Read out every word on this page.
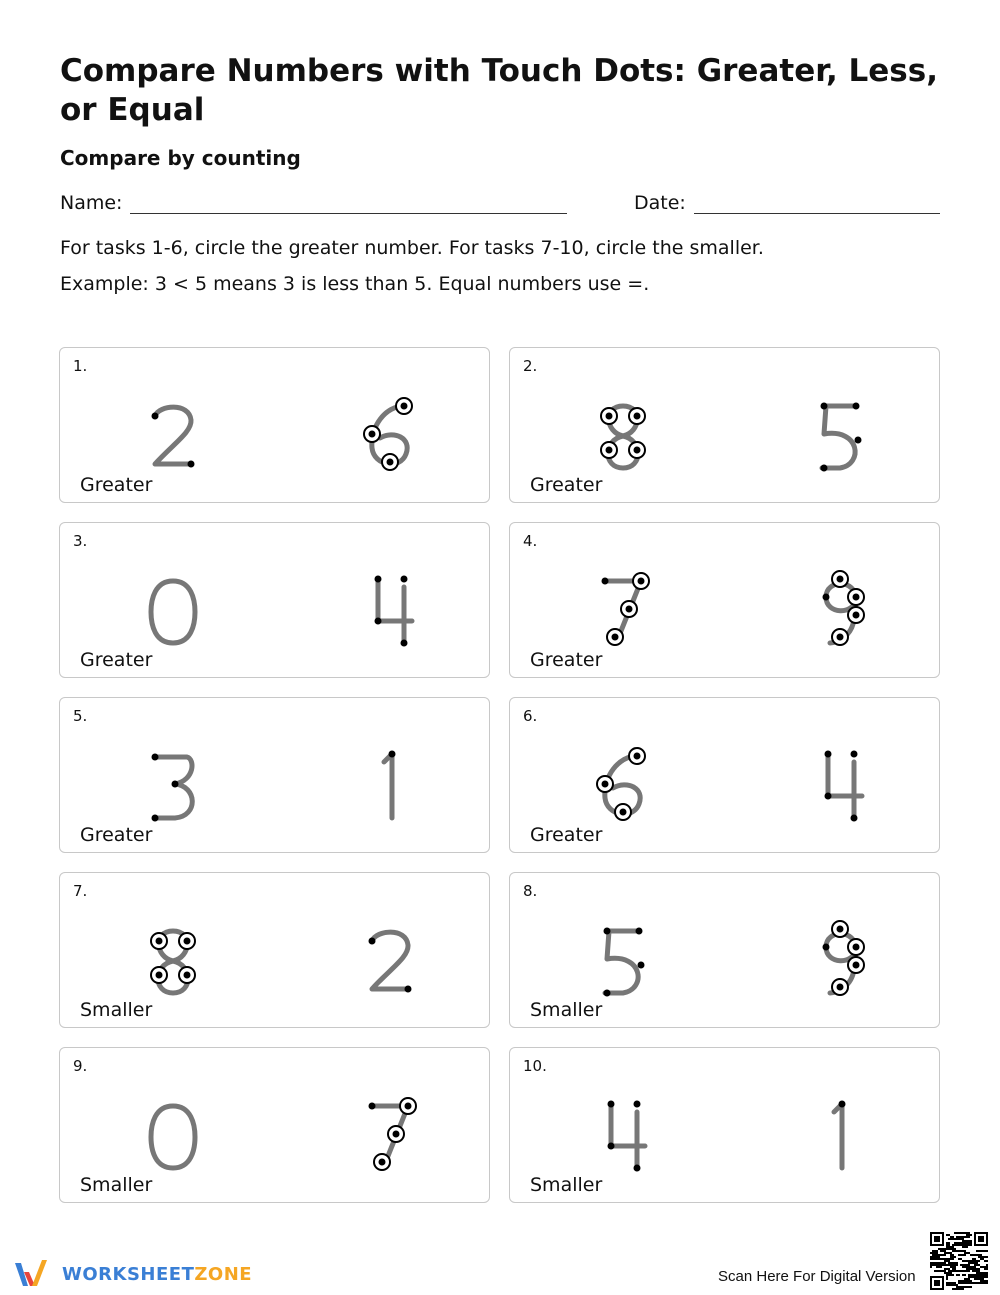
Compare Numbers with Touch Dots: Greater, Less, or Equal
Compare by counting
Name:	Date:
For tasks 1-6, circle the greater number. For tasks 7-10, circle the smaller.
Example: 3 < 5 means 3 is less than 5. Equal numbers use =.
1.
Greater
2.
Greater
3.
Greater
4.
Greater
5.
Greater
6.
Greater
7.
Smaller
8.
Smaller
9.
Smaller
10.
Smaller
WORKSHEETZONE	Scan Here For Digital Version
